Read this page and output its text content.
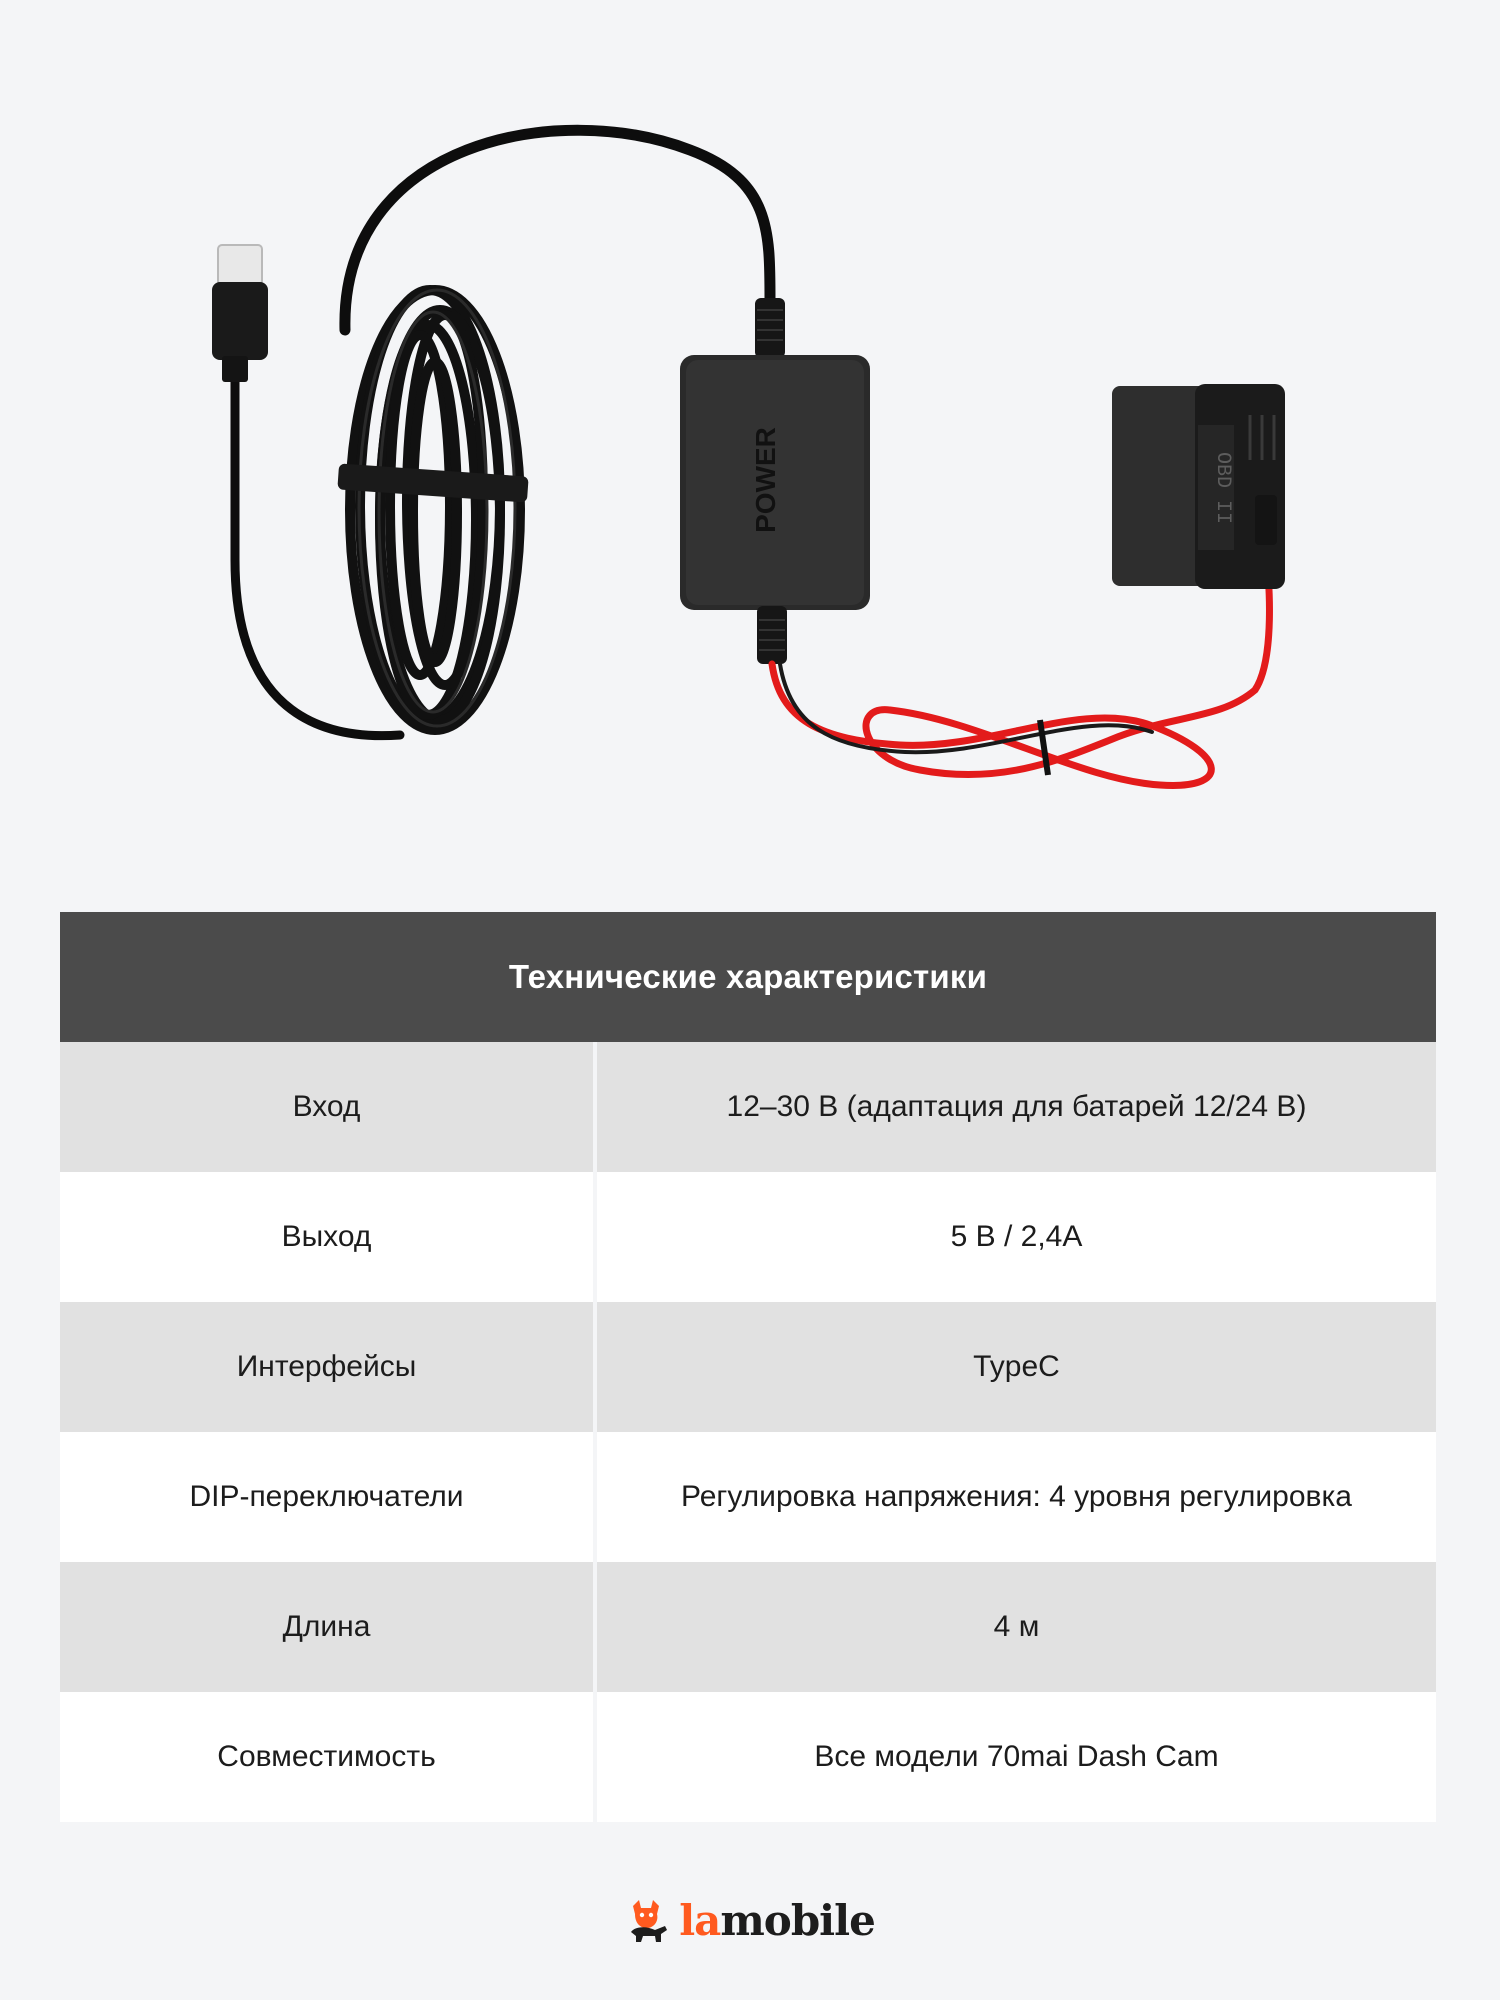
POWER	OBD II
Технические характеристики
Вход	12–30 В (адаптация для батарей 12/24 В)
Выход	5 В / 2,4А
Интерфейсы	TypeC
DIP-переключатели	Регулировка напряжения: 4 уровня регулировка
Длина	4 м
Совместимость	Все модели 70mai Dash Cam
lamobile
